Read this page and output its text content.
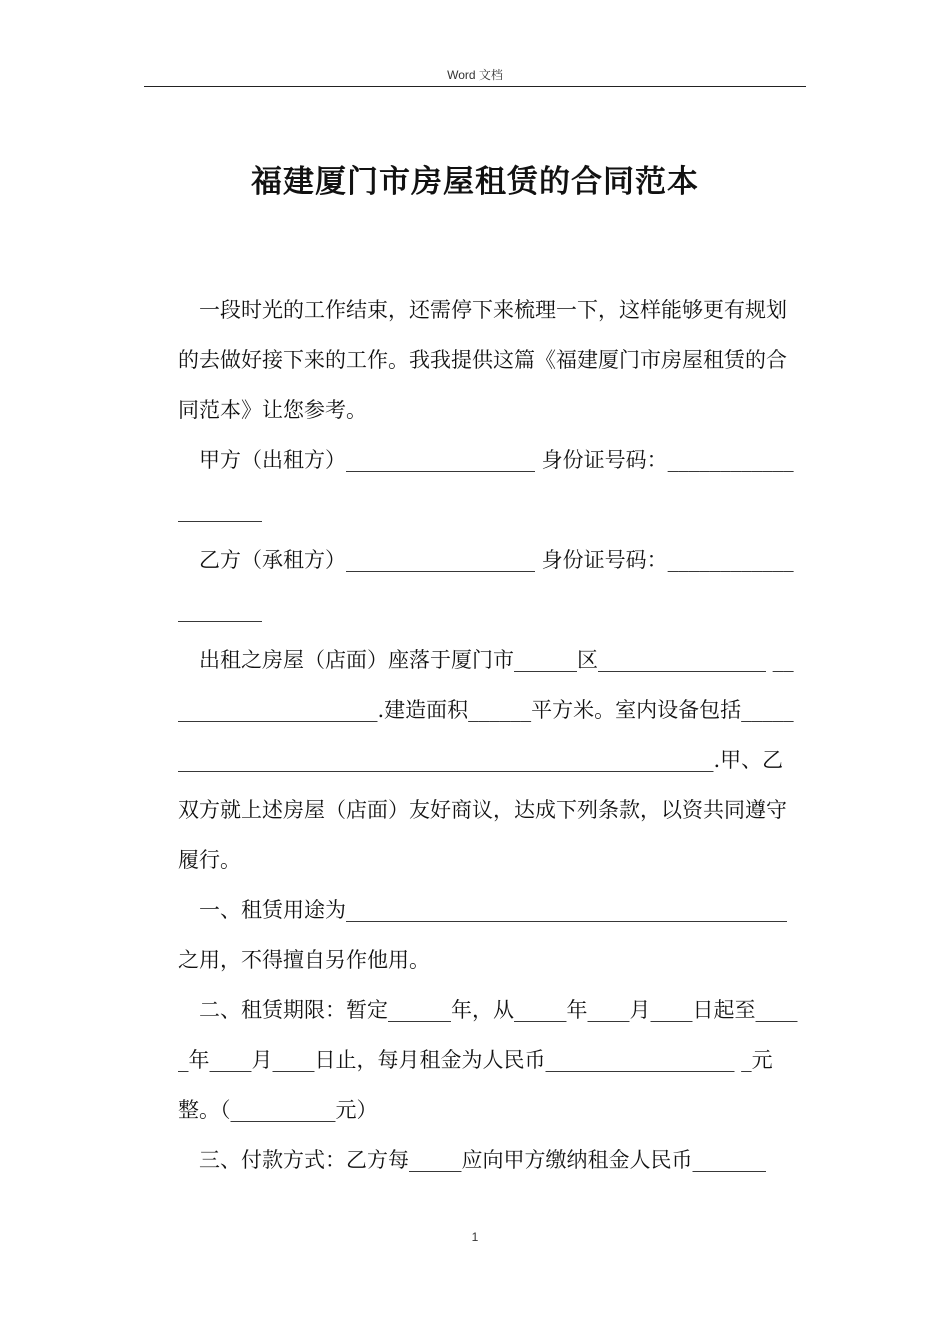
Word 文档
福建厦门市房屋租赁的合同范本

一段时光的工作结束，还需停下来梳理一下，这样能够更有规划的去做好接下来的工作。我我提供这篇《福建厦门市房屋租赁的合同范本》让您参考。

甲方（出租方）__________________ 身份证号码：____________________

乙方（承租方）__________________ 身份证号码：____________________

出租之房屋（店面）座落于厦门市______区________________ _____________________.建造面积______平方米。室内设备包括________________________________________________________.甲、乙双方就上述房屋（店面）友好商议，达成下列条款，以资共同遵守履行。

一、租赁用途为__________________________________________之用，不得擅自另作他用。

二、租赁期限：暂定______年，从_____年____月____日起至_____年____月____日止，每月租金为人民币__________________ _元整。（__________元）

三、付款方式：乙方每_____应向甲方缴纳租金人民币_______

1
